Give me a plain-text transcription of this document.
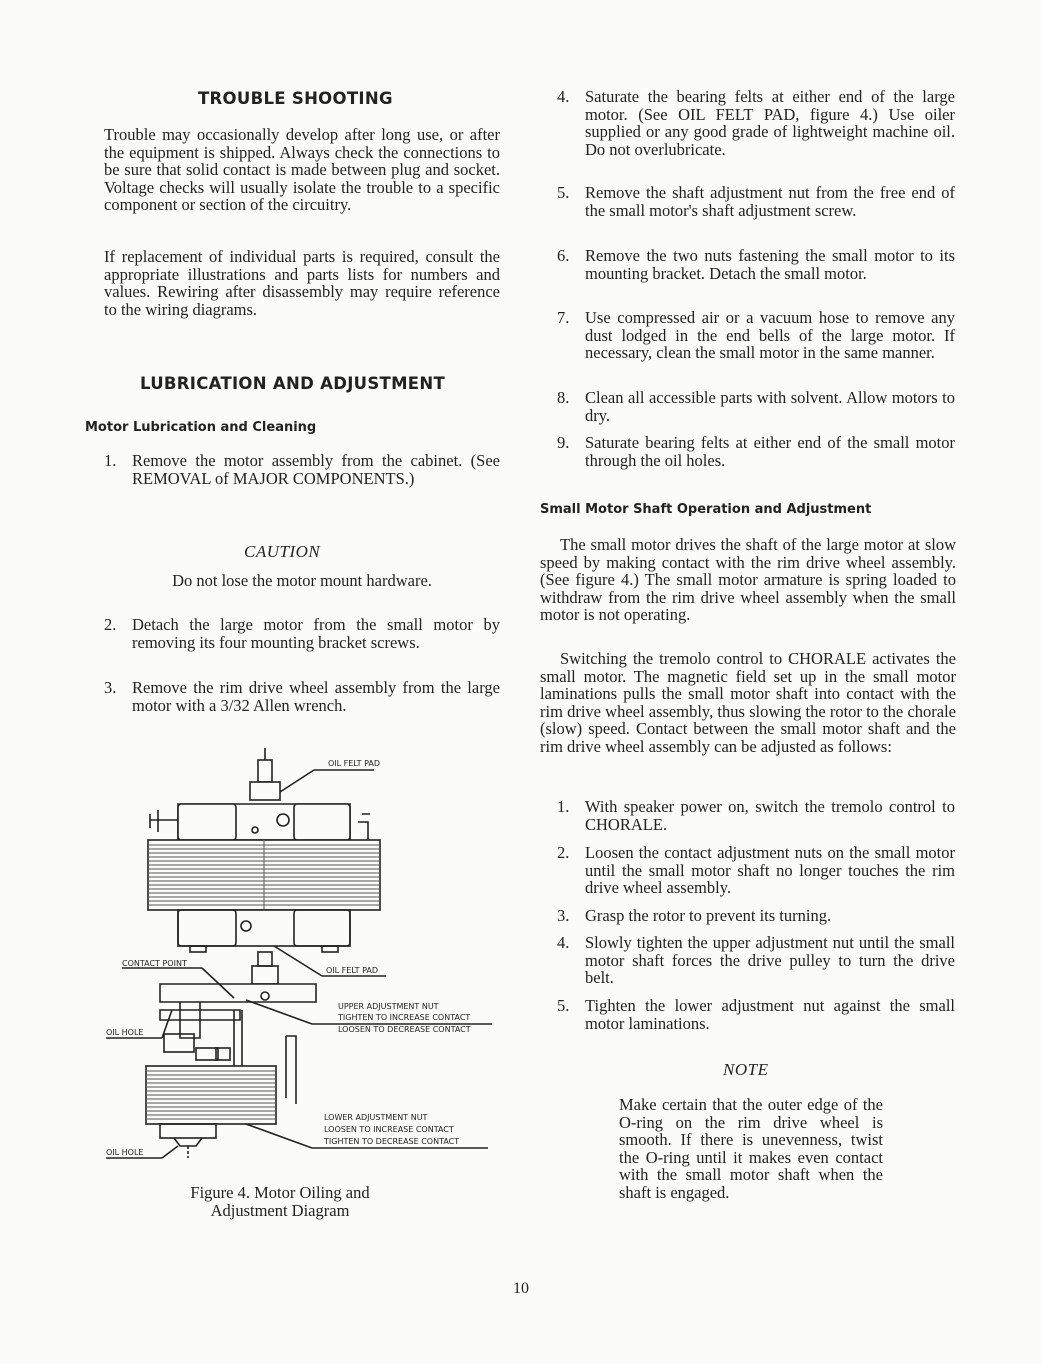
TROUBLE SHOOTING

Trouble may occasionally develop after long use, or after the equipment is shipped. Always check the connections to be sure that solid contact is made between plug and socket. Voltage checks will usually isolate the trouble to a specific component or section of the circuitry.

If replacement of individual parts is required, consult the appropriate illustrations and parts lists for numbers and values. Rewiring after disassembly may require reference to the wiring diagrams.

LUBRICATION AND ADJUSTMENT
Motor Lubrication and Cleaning
1. Remove the motor assembly from the cabinet. (See REMOVAL of MAJOR COMPONENTS.)
CAUTION
Do not lose the motor mount hardware.
2. Detach the large motor from the small motor by removing its four mounting bracket screws.
3. Remove the rim drive wheel assembly from the large motor with a 3/32 Allen wrench.
OIL FELT PAD
OIL FELT PAD
CONTACT POINT
OIL HOLE
UPPER ADJUSTMENT NUT
TIGHTEN TO INCREASE CONTACT
LOOSEN TO DECREASE CONTACT
LOWER ADJUSTMENT NUT
LOOSEN TO INCREASE CONTACT
TIGHTEN TO DECREASE CONTACT
OIL HOLE
Figure 4. Motor Oiling and
Adjustment Diagram
4. Saturate the bearing felts at either end of the large motor. (See OIL FELT PAD, figure 4.) Use oiler supplied or any good grade of lightweight machine oil. Do not overlubricate.
5. Remove the shaft adjustment nut from the free end of the small motor's shaft adjustment screw.
6. Remove the two nuts fastening the small motor to its mounting bracket. Detach the small motor.
7. Use compressed air or a vacuum hose to remove any dust lodged in the end bells of the large motor. If necessary, clean the small motor in the same manner.
8. Clean all accessible parts with solvent. Allow motors to dry.
9. Saturate bearing felts at either end of the small motor through the oil holes.
Small Motor Shaft Operation and Adjustment

The small motor drives the shaft of the large motor at slow speed by making contact with the rim drive wheel assembly. (See figure 4.) The small motor armature is spring loaded to withdraw from the rim drive wheel assembly when the small motor is not operating.

Switching the tremolo control to CHORALE activates the small motor. The magnetic field set up in the small motor laminations pulls the small motor shaft into contact with the rim drive wheel assembly, thus slowing the rotor to the chorale (slow) speed. Contact between the small motor shaft and the rim drive wheel assembly can be adjusted as follows:

1. With speaker power on, switch the tremolo control to CHORALE.
2. Loosen the contact adjustment nuts on the small motor until the small motor shaft no longer touches the rim drive wheel assembly.
3. Grasp the rotor to prevent its turning.
4. Slowly tighten the upper adjustment nut until the small motor shaft forces the drive pulley to turn the drive belt.
5. Tighten the lower adjustment nut against the small motor laminations.
NOTE

Make certain that the outer edge of the O-ring on the rim drive wheel is smooth. If there is unevenness, twist the O-ring until it makes even contact with the small motor shaft when the shaft is engaged.

10
